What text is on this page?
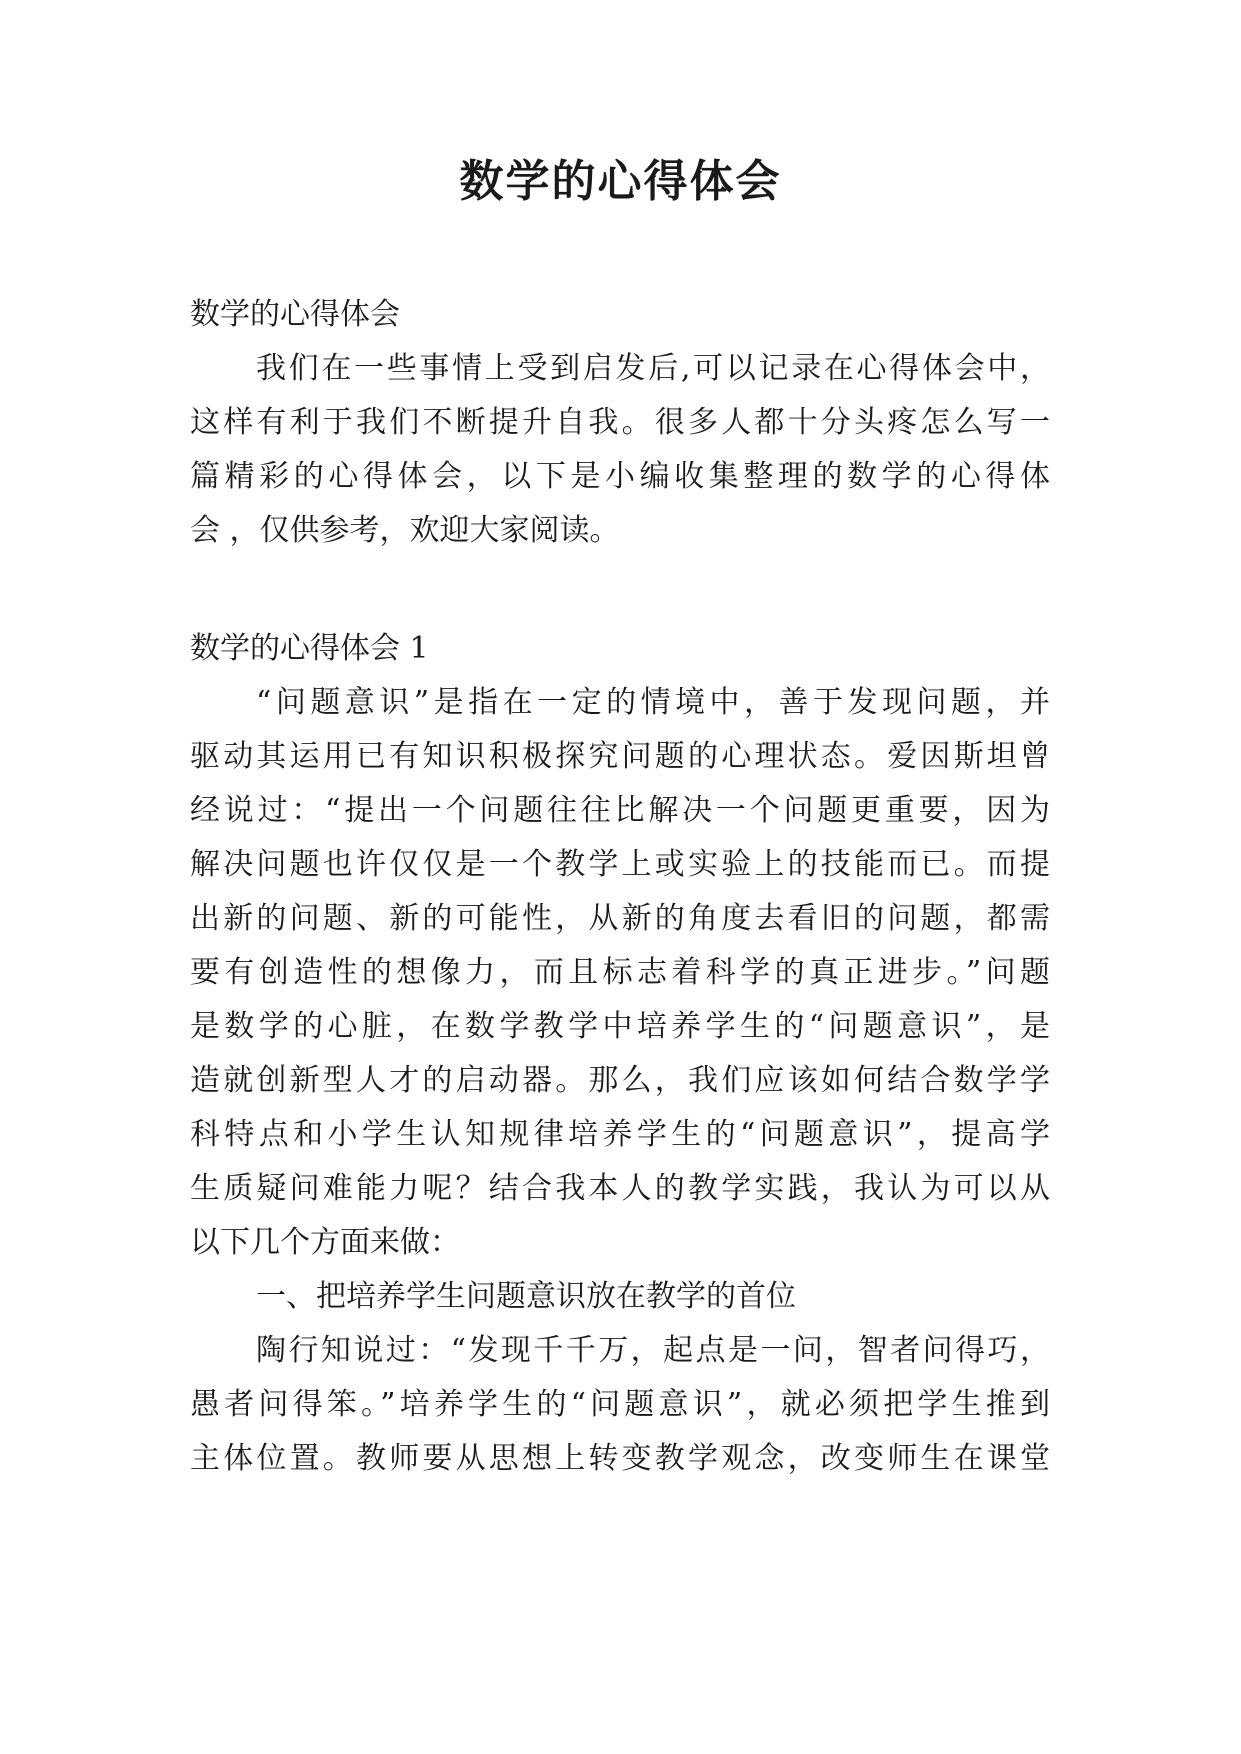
数学的心得体会
数学的心得体会
我们在一些事情上受到启发后,可以记录在心得体会中，
这样有利于我们不断提升自我。很多人都十分头疼怎么写一
篇精彩的心得体会，以下是小编收集整理的数学的心得体
会 ，仅供参考，欢迎大家阅读。
数学的心得体会 1
“问题意识”是指在一定的情境中，善于发现问题，并
驱动其运用已有知识积极探究问题的心理状态。爱因斯坦曾
经说过：“提出一个问题往往比解决一个问题更重要，因为
解决问题也许仅仅是一个教学上或实验上的技能而已。而提
出新的问题、新的可能性，从新的角度去看旧的问题，都需
要有创造性的想像力，而且标志着科学的真正进步。”问题
是数学的心脏，在数学教学中培养学生的“问题意识”，是
造就创新型人才的启动器。那么，我们应该如何结合数学学
科特点和小学生认知规律培养学生的“问题意识”，提高学
生质疑问难能力呢？结合我本人的教学实践，我认为可以从
以下几个方面来做：
一、把培养学生问题意识放在教学的首位
陶行知说过：“发现千千万，起点是一问，智者问得巧，
愚者问得笨。”培养学生的“问题意识”，就必须把学生推到
主体位置。教师要从思想上转变教学观念，改变师生在课堂
